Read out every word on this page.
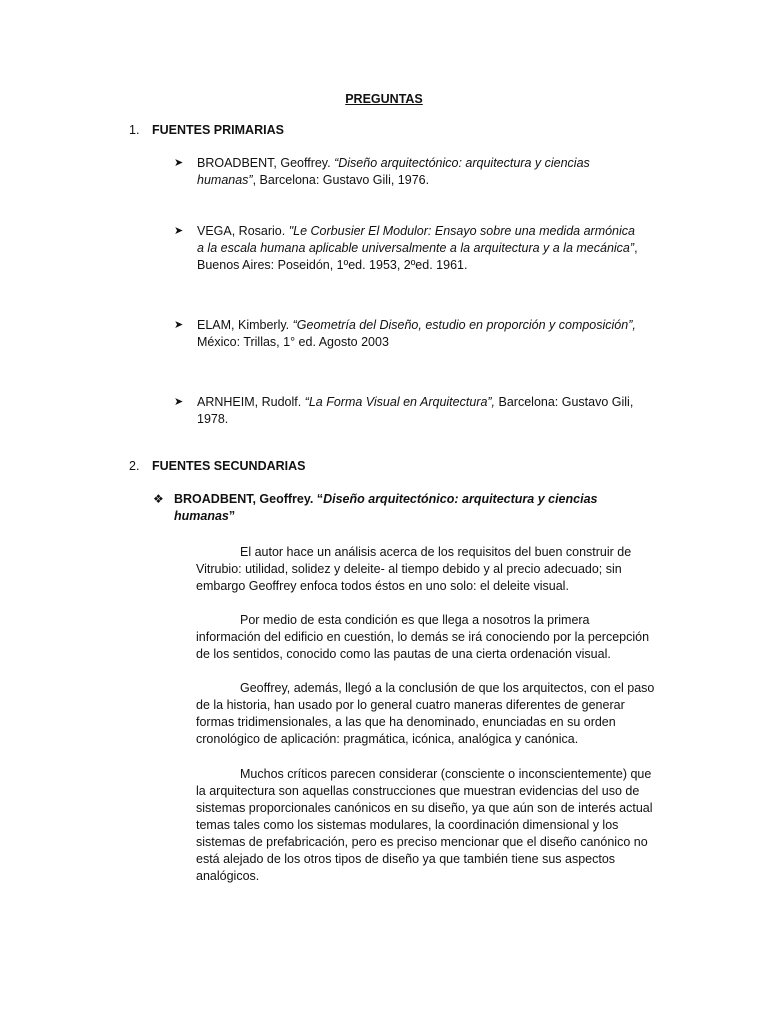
PREGUNTAS
1. FUENTES PRIMARIAS
➤	BROADBENT, Geoffrey. “Diseño arquitectónico: arquitectura y ciencias humanas”, Barcelona: Gustavo Gili, 1976.
➤	VEGA, Rosario. "Le Corbusier El Modulor: Ensayo sobre una medida armónica a la escala humana aplicable universalmente a la arquitectura y a la mecánica”, Buenos Aires: Poseidón, 1ºed. 1953, 2ºed. 1961.
➤	ELAM, Kimberly. “Geometría del Diseño, estudio en proporción y composición”, México: Trillas, 1° ed. Agosto 2003
➤	ARNHEIM, Rudolf. “La Forma Visual en Arquitectura”, Barcelona: Gustavo Gili, 1978.
2. FUENTES SECUNDARIAS
❖ BROADBENT, Geoffrey. “Diseño arquitectónico: arquitectura y ciencias humanas”
El autor hace un análisis acerca de los requisitos del buen construir de Vitrubio: utilidad, solidez y deleite- al tiempo debido y al precio adecuado; sin embargo Geoffrey enfoca todos éstos en uno solo: el deleite visual.
Por medio de esta condición es que llega a nosotros la primera información del edificio en cuestión, lo demás se irá conociendo por la percepción de los sentidos, conocido como las pautas de una cierta ordenación visual.
Geoffrey, además, llegó a la conclusión de que los arquitectos, con el paso de la historia, han usado por lo general cuatro maneras diferentes de generar formas tridimensionales, a las que ha denominado, enunciadas en su orden cronológico de aplicación: pragmática, icónica, analógica y canónica.
Muchos críticos parecen considerar (consciente o inconscientemente) que la arquitectura son aquellas construcciones que muestran evidencias del uso de sistemas proporcionales canónicos en su diseño, ya que aún son de interés actual temas tales como los sistemas modulares, la coordinación dimensional y los sistemas de prefabricación, pero es preciso mencionar que el diseño canónico no está alejado de los otros tipos de diseño ya que también tiene sus aspectos analógicos.
